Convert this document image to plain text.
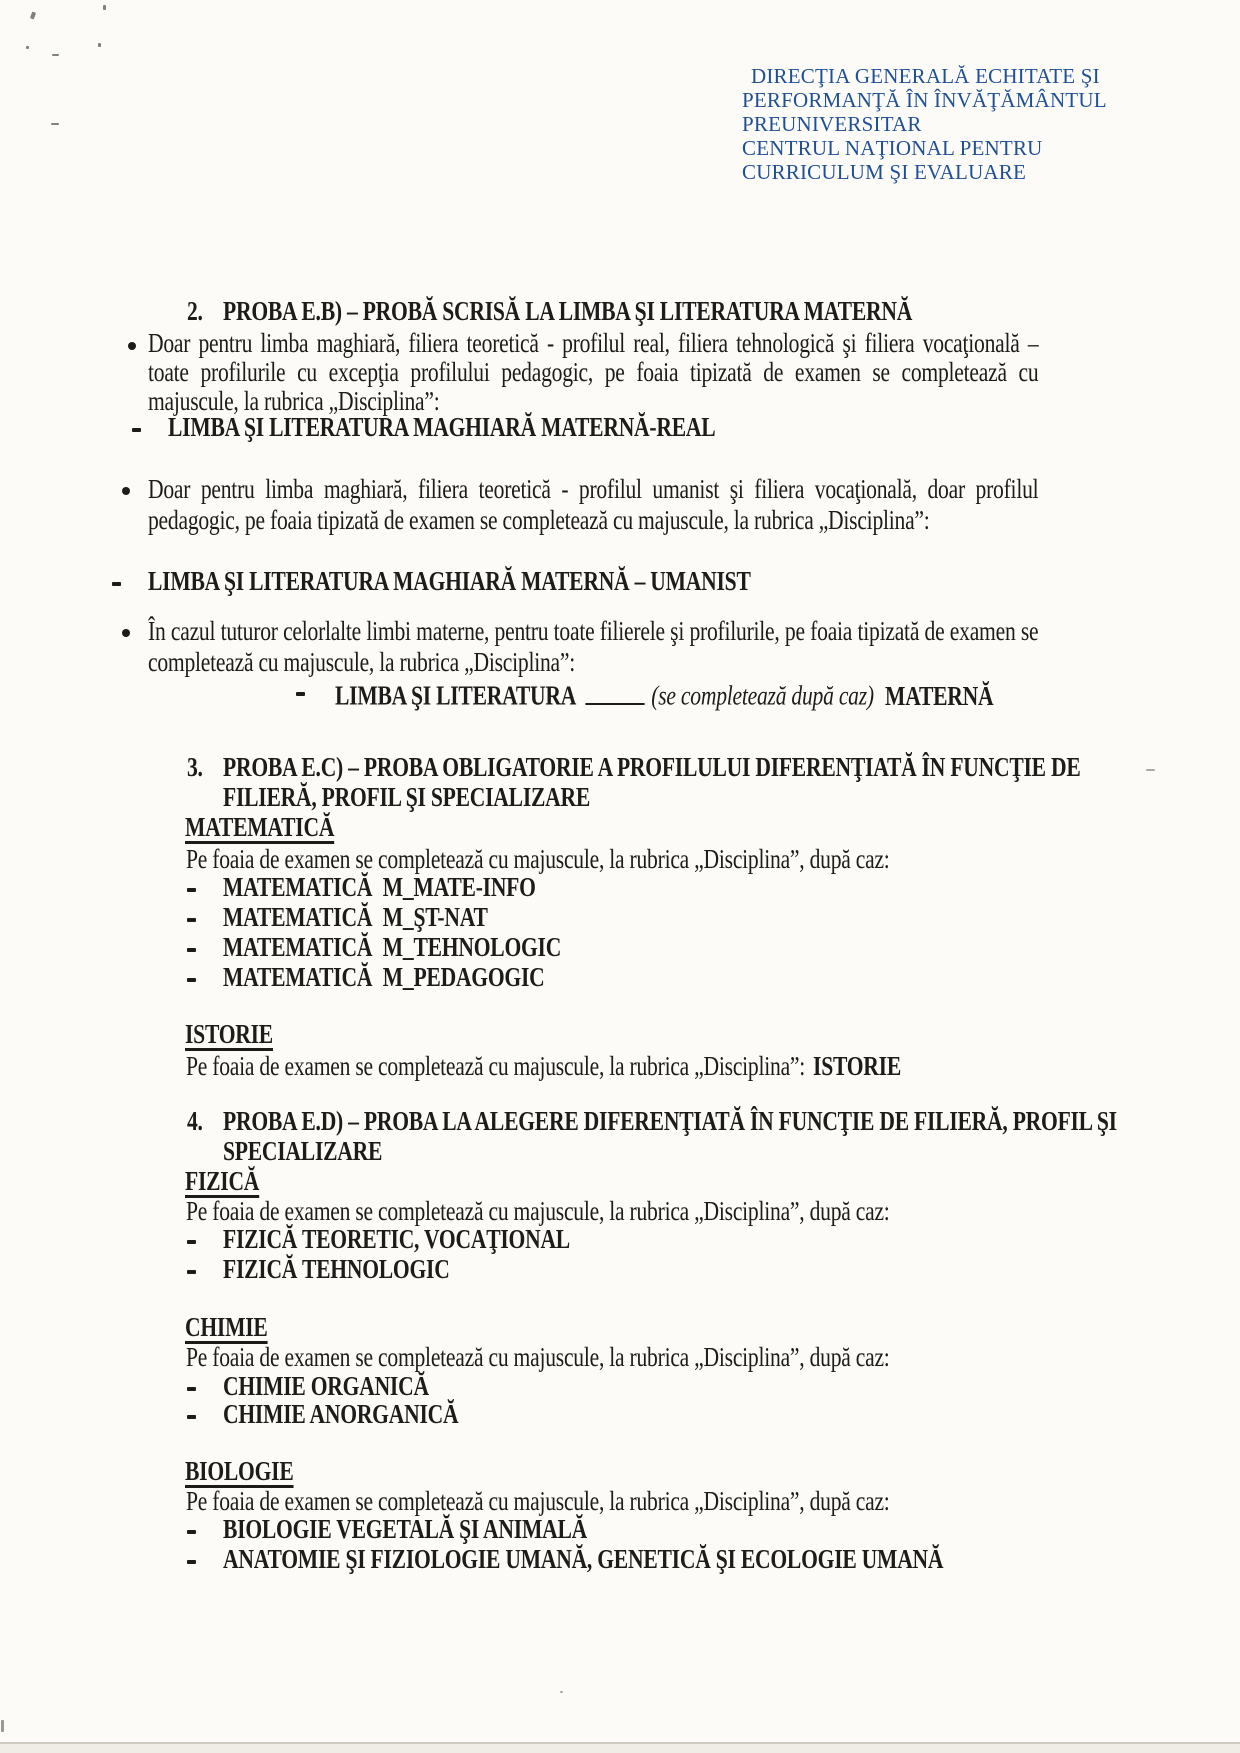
DIRECŢIA GENERALĂ ECHITATE ŞI
PERFORMANŢĂ ÎN ÎNVĂŢĂMÂNTUL
PREUNIVERSITAR
CENTRUL NAŢIONAL PENTRU
CURRICULUM ŞI EVALUARE
2. PROBA E.B) – PROBĂ SCRISĂ LA LIMBA ŞI LITERATURA MATERNĂ
Doar pentru limba maghiară, filiera teoretică - profilul real, filiera tehnologică şi filiera vocaţională – toate profilurile cu excepţia profilului pedagogic, pe foaia tipizată de examen se completează cu majuscule, la rubrica „Disciplina”:
LIMBA ŞI LITERATURA MAGHIARĂ MATERNĂ-REAL
Doar pentru limba maghiară, filiera teoretică - profilul umanist şi filiera vocaţională, doar profilul pedagogic, pe foaia tipizată de examen se completează cu majuscule, la rubrica „Disciplina”:
LIMBA ŞI LITERATURA MAGHIARĂ MATERNĂ – UMANIST
În cazul tuturor celorlalte limbi materne, pentru toate filierele şi profilurile, pe foaia tipizată de examen se completează cu majuscule, la rubrica „Disciplina”:
LIMBA ŞI LITERATURA	(se completează după caz) MATERNĂ
3. PROBA E.C) – PROBA OBLIGATORIE A PROFILULUI DIFERENŢIATĂ ÎN FUNCŢIE DE FILIERĂ, PROFIL ŞI SPECIALIZARE
MATEMATICĂ
Pe foaia de examen se completează cu majuscule, la rubrica „Disciplina”, după caz:
MATEMATICĂ M_MATE-INFO
MATEMATICĂ M_ŞT-NAT
MATEMATICĂ M_TEHNOLOGIC
MATEMATICĂ M_PEDAGOGIC
ISTORIE
Pe foaia de examen se completează cu majuscule, la rubrica „Disciplina”: ISTORIE
4. PROBA E.D) – PROBA LA ALEGERE DIFERENŢIATĂ ÎN FUNCŢIE DE FILIERĂ, PROFIL ŞI SPECIALIZARE
FIZICĂ
Pe foaia de examen se completează cu majuscule, la rubrica „Disciplina”, după caz:
FIZICĂ TEORETIC, VOCAŢIONAL
FIZICĂ TEHNOLOGIC
CHIMIE
Pe foaia de examen se completează cu majuscule, la rubrica „Disciplina”, după caz:
CHIMIE ORGANICĂ
CHIMIE ANORGANICĂ
BIOLOGIE
Pe foaia de examen se completează cu majuscule, la rubrica „Disciplina”, după caz:
BIOLOGIE VEGETALĂ ŞI ANIMALĂ
ANATOMIE ŞI FIZIOLOGIE UMANĂ, GENETICĂ ŞI ECOLOGIE UMANĂ
